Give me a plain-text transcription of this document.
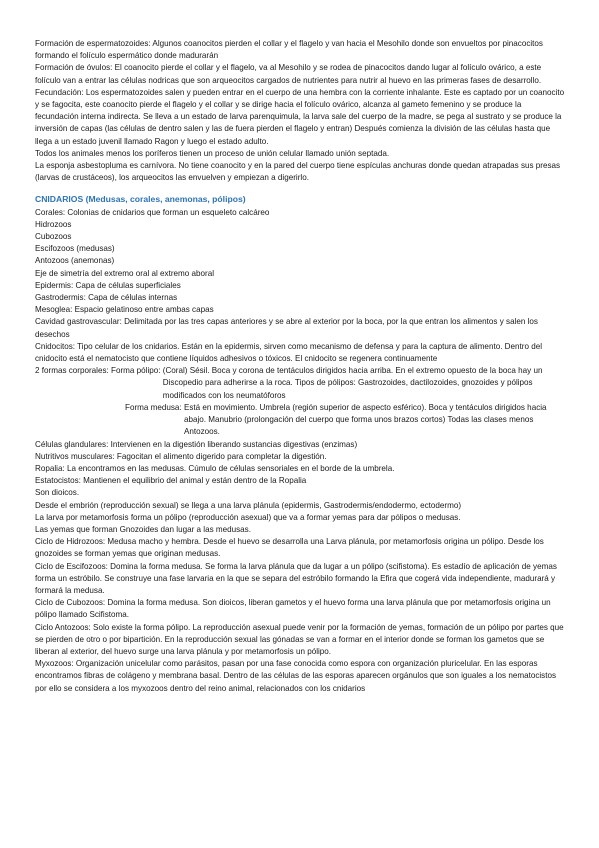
Formación de espermatozoides: Algunos coanocitos pierden el collar y el flagelo y van hacia el Mesohilo donde son envueltos por pinacocitos formando el folículo espermático donde madurarán

Formación de óvulos: El coanocito pierde el collar y el flagelo, va al Mesohilo y se rodea de pinacocitos dando lugar al folículo ovárico, a este folículo van a entrar las células nodricas que son arqueocitos cargados de nutrientes para nutrir al huevo en las primeras fases de desarrollo.

Fecundación: Los espermatozoides salen y pueden entrar en el cuerpo de una hembra con la corriente inhalante. Este es captado por un coanocito y se fagocita, este coanocito pierde el flagelo y el collar y se dirige hacia el folículo ovárico, alcanza al gameto femenino y se produce la fecundación interna indirecta. Se lleva a un estado de larva parenquimula, la larva sale del cuerpo de la madre, se pega al sustrato y se produce la inversión de capas (las células de dentro salen y las de fuera pierden el flagelo y entran) Después comienza la división de las células hasta que llega a un estado juvenil llamado Ragon y luego el estado adulto.

Todos los animales menos los poríferos tienen un proceso de unión celular llamado unión septada.

La esponja asbestopluma es carnívora. No tiene coanocito y en la pared del cuerpo tiene espículas anchuras donde quedan atrapadas sus presas (larvas de crustáceos), los arqueocitos las envuelven y empiezan a digerirlo.

CNIDARIOS (Medusas, corales, anemonas, pólipos)

Corales: Colonias de cnidarios que forman un esqueleto calcáreo

Hidrozoos

Cubozoos

Escifozoos (medusas)

Antozoos (anemonas)

Eje de simetría del extremo oral al extremo aboral

Epidermis: Capa de células superficiales

Gastrodermis: Capa de células internas

Mesoglea: Espacio gelatinoso entre ambas capas

Cavidad gastrovascular: Delimitada por las tres capas anteriores y se abre al exterior por la boca, por la que entran los alimentos y salen los desechos

Cnidocitos: Tipo celular de los cnidarios. Están en la epidermis, sirven como mecanismo de defensa y para la captura de alimento. Dentro del cnidocito está el nematocisto que contiene líquidos adhesivos o tóxicos. El cnidocito se regenera continuamente

2 formas corporales: Forma pólipo: (Coral) Sésil. Boca y corona de tentáculos dirigidos hacia arriba. En el extremo opuesto de la boca hay un Discopedio para adherirse a la roca. Tipos de pólipos: Gastrozoides, dactilozoides, gnozoides y pólipos modificados con los neumatóforos
Forma medusa: Está en movimiento. Umbrela (región superior de aspecto esférico). Boca y tentáculos dirigidos hacia abajo. Manubrio (prolongación del cuerpo que forma unos brazos cortos) Todas las clases menos Antozoos.

Células glandulares: Intervienen en la digestión liberando sustancias digestivas (enzimas)

Nutritivos musculares: Fagocitan el alimento digerido para completar la digestión.

Ropalia: La encontramos en las medusas. Cúmulo de células sensoriales en el borde de la umbrela.

Estatocistos: Mantienen el equilibrio del animal y están dentro de la Ropalia

Son dioicos.

Desde el embrión (reproducción sexual) se llega a una larva plánula (epidermis, Gastrodermis/endodermo, ectodermo)

La larva por metamorfosis forma un pólipo (reproducción asexual) que va a formar yemas para dar pólipos o medusas.

Las yemas que forman Gnozoides dan lugar a las medusas.

Ciclo de Hidrozoos: Medusa macho y hembra. Desde el huevo se desarrolla una Larva plánula, por metamorfosis origina un pólipo. Desde los gnozoides se forman yemas que originan medusas.

Ciclo de Escifozoos: Domina la forma medusa. Se forma la larva plánula que da lugar a un pólipo (scifistoma). Es estadío de aplicación de yemas forma un estróbilo. Se construye una fase larvaria en la que se separa del estróbilo formando la Efira que cogerá vida independiente, madurará y formará la medusa.

Ciclo de Cubozoos: Domina la forma medusa. Son dioicos, liberan gametos y el huevo forma una larva plánula que por metamorfosis origina un pólipo llamado Scifistoma.

Ciclo Antozoos: Solo existe la forma pólipo. La reproducción asexual puede venir por la formación de yemas, formación de un pólipo por partes que se pierden de otro o por bipartición. En la reproducción sexual las gónadas se van a formar en el interior donde se forman los gametos que se liberan al exterior, del huevo surge una larva plánula y por metamorfosis un pólipo.

Myxozoos: Organización unicelular como parásitos, pasan por una fase conocida como espora con organización pluricelular. En las esporas encontramos fibras de colágeno y membrana basal. Dentro de las células de las esporas aparecen orgánulos que son iguales a los nematocistos por ello se considera a los myxozoos dentro del reino animal, relacionados con los cnidarios
